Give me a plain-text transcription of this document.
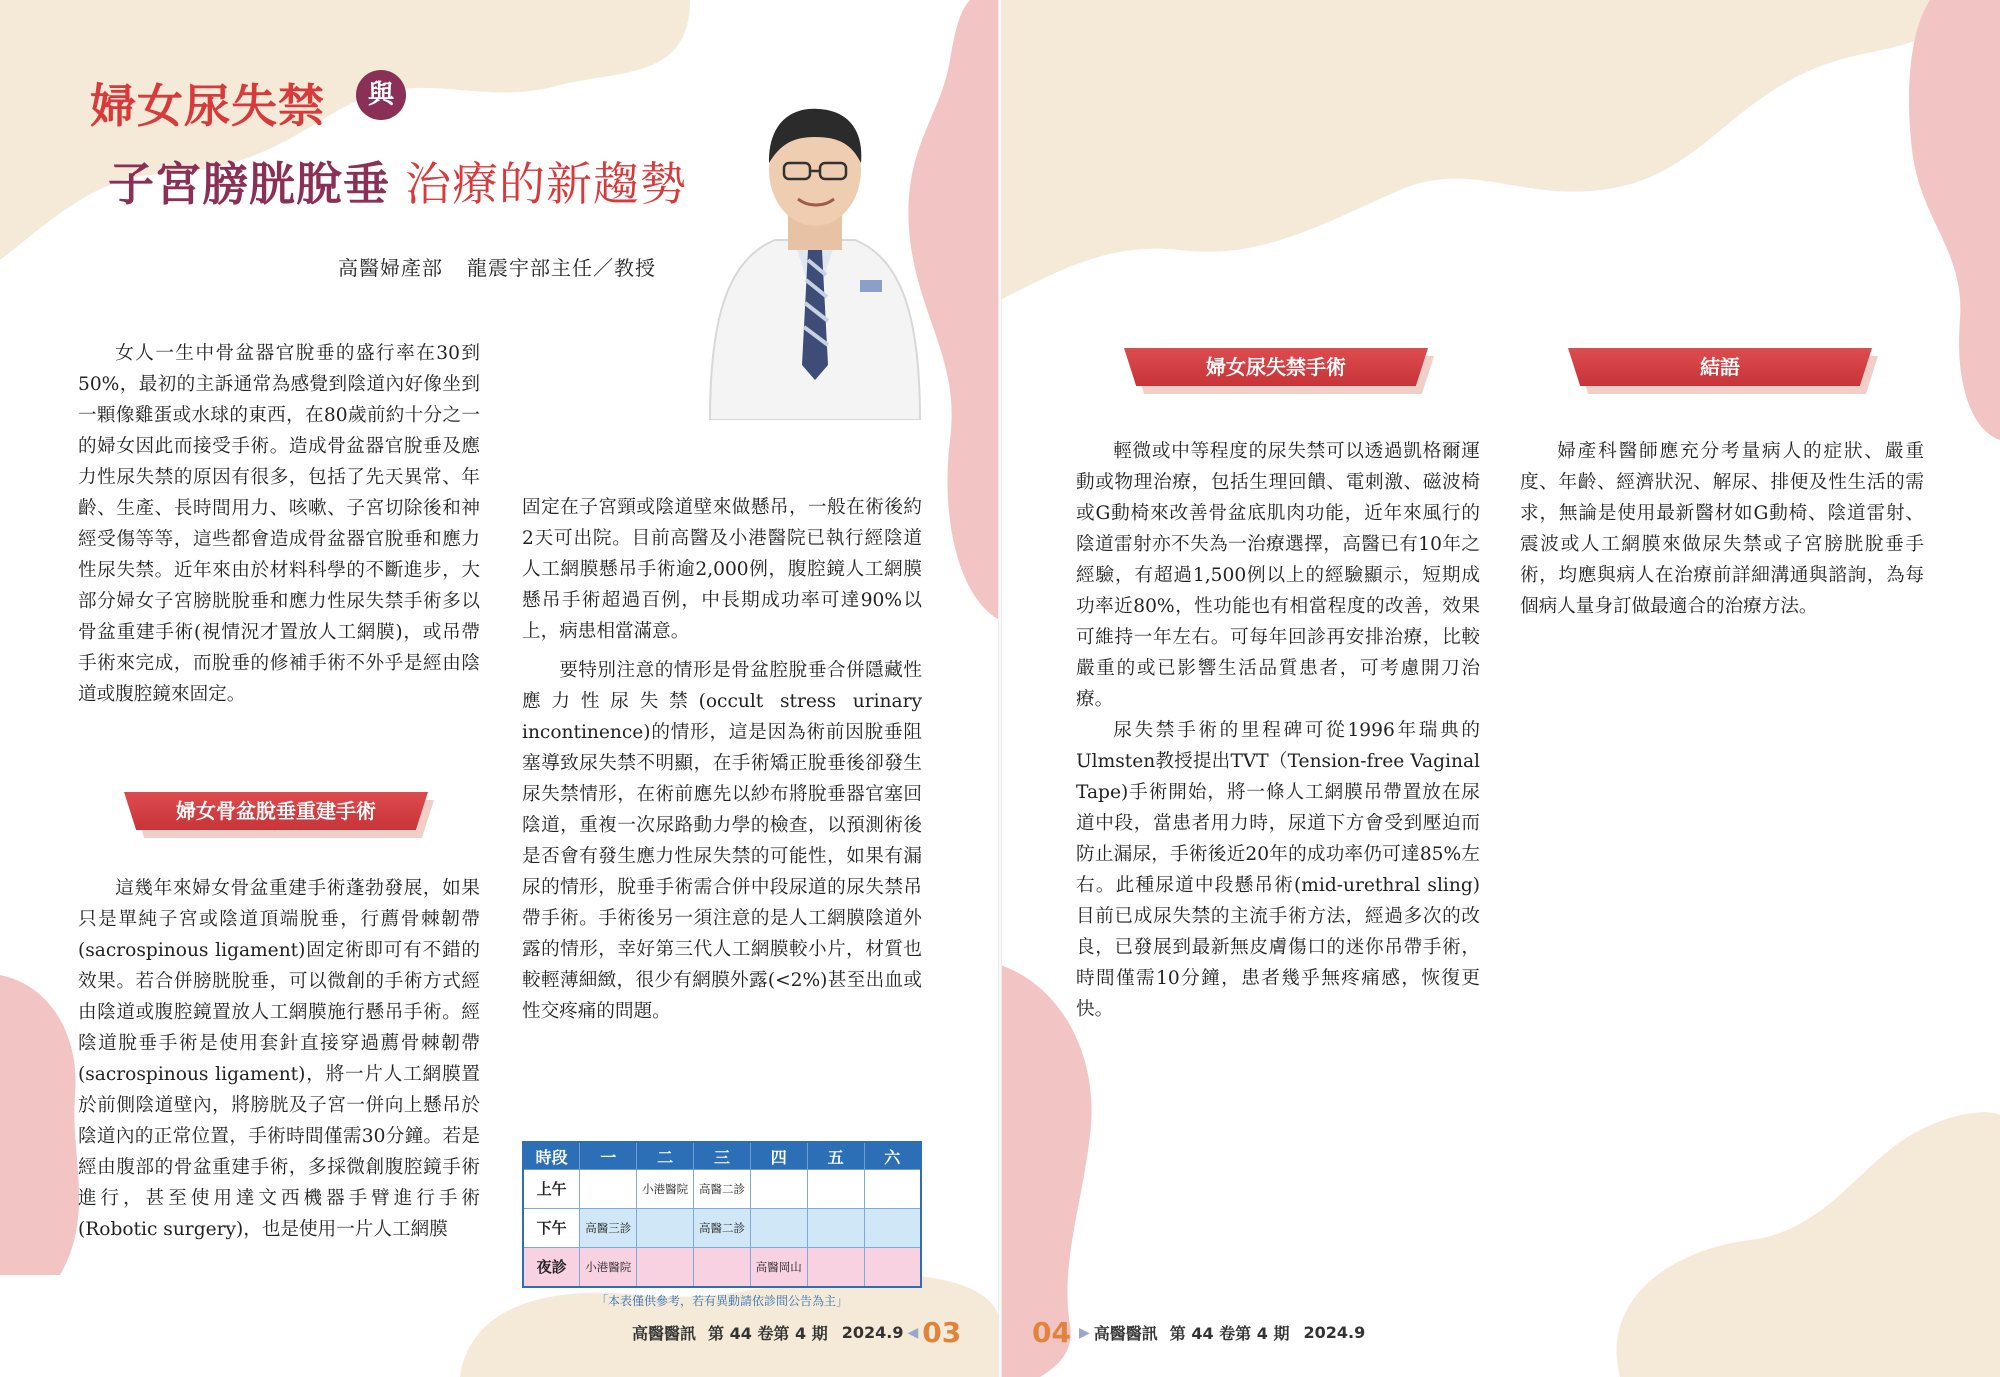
婦女尿失禁	與
子宮膀胱脫垂 治療的新趨勢
高醫婦產部 龍震宇部主任／教授

女人一生中骨盆器官脫垂的盛行率在30到50%，最初的主訴通常為感覺到陰道內好像坐到一顆像雞蛋或水球的東西，在80歲前約十分之一的婦女因此而接受手術。造成骨盆器官脫垂及應力性尿失禁的原因有很多，包括了先天異常、年齡、生產、長時間用力、咳嗽、子宮切除後和神經受傷等等，這些都會造成骨盆器官脫垂和應力性尿失禁。近年來由於材料科學的不斷進步，大部分婦女子宮膀胱脫垂和應力性尿失禁手術多以骨盆重建手術(視情況才置放人工網膜)，或吊帶手術來完成，而脫垂的修補手術不外乎是經由陰道或腹腔鏡來固定。

婦女骨盆脫垂重建手術

這幾年來婦女骨盆重建手術蓬勃發展，如果只是單純子宮或陰道頂端脫垂，行薦骨棘韌帶(sacrospinous ligament)固定術即可有不錯的效果。若合併膀胱脫垂，可以微創的手術方式經由陰道或腹腔鏡置放人工網膜施行懸吊手術。經陰道脫垂手術是使用套針直接穿過薦骨棘韌帶(sacrospinous ligament)，將一片人工網膜置於前側陰道壁內，將膀胱及子宮一併向上懸吊於陰道內的正常位置，手術時間僅需30分鐘。若是經由腹部的骨盆重建手術，多採微創腹腔鏡手術進行，甚至使用達文西機器手臂進行手術(Robotic surgery)，也是使用一片人工網膜

固定在子宮頸或陰道壁來做懸吊，一般在術後約2天可出院。目前高醫及小港醫院已執行經陰道人工網膜懸吊手術逾2,000例，腹腔鏡人工網膜懸吊手術超過百例，中長期成功率可達90%以上，病患相當滿意。

要特別注意的情形是骨盆腔脫垂合併隱藏性應力性尿失禁(occult stress urinary incontinence)的情形，這是因為術前因脫垂阻塞導致尿失禁不明顯，在手術矯正脫垂後卻發生尿失禁情形，在術前應先以紗布將脫垂器官塞回陰道，重複一次尿路動力學的檢查，以預測術後是否會有發生應力性尿失禁的可能性，如果有漏尿的情形，脫垂手術需合併中段尿道的尿失禁吊帶手術。手術後另一須注意的是人工網膜陰道外露的情形，幸好第三代人工網膜較小片，材質也較輕薄細緻，很少有網膜外露(<2%)甚至出血或性交疼痛的問題。

時段	一	二	三	四	五	六
上午		小港醫院	高醫二診			
下午	高醫三診		高醫二診			
夜診	小港醫院			高醫岡山		
「本表僅供參考，若有異動請依診間公告為主」
高醫醫訊 第 44 卷第 4 期 2024.9 ◀ 03
婦女尿失禁手術	結語

輕微或中等程度的尿失禁可以透過凱格爾運動或物理治療，包括生理回饋、電刺激、磁波椅或G動椅來改善骨盆底肌肉功能，近年來風行的陰道雷射亦不失為一治療選擇，高醫已有10年之經驗，有超過1,500例以上的經驗顯示，短期成功率近80%，性功能也有相當程度的改善，效果可維持一年左右。可每年回診再安排治療，比較嚴重的或已影響生活品質患者，可考慮開刀治療。

尿失禁手術的里程碑可從1996年瑞典的Ulmsten教授提出TVT（Tension-free Vaginal Tape)手術開始，將一條人工網膜吊帶置放在尿道中段，當患者用力時，尿道下方會受到壓迫而防止漏尿，手術後近20年的成功率仍可達85%左右。此種尿道中段懸吊術(mid-urethral sling)目前已成尿失禁的主流手術方法，經過多次的改良，已發展到最新無皮膚傷口的迷你吊帶手術，時間僅需10分鐘，患者幾乎無疼痛感，恢復更快。

婦產科醫師應充分考量病人的症狀、嚴重度、年齡、經濟狀況、解尿、排便及性生活的需求，無論是使用最新醫材如G動椅、陰道雷射、震波或人工網膜來做尿失禁或子宮膀胱脫垂手術，均應與病人在治療前詳細溝通與諮詢，為每個病人量身訂做最適合的治療方法。

04 ▶ 高醫醫訊 第 44 卷第 4 期 2024.9
